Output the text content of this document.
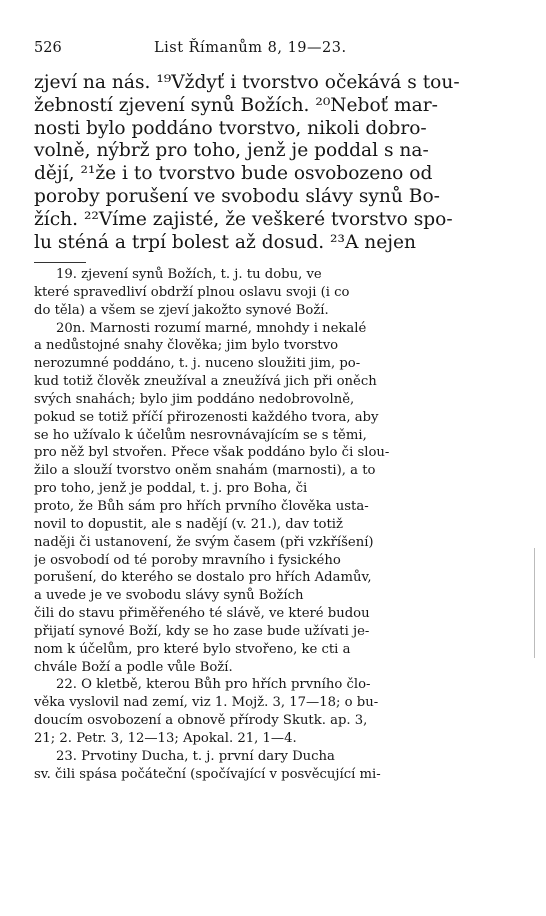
526	List Římanům 8, 19—23.
zjeví na nás. ¹⁹Vždyť i tvorstvo očekává s tou-
žebností zjevení synů Božích. ²⁰Neboť mar-
nosti bylo poddáno tvorstvo, nikoli dobro-
volně, nýbrž pro toho, jenž je poddal s na-
dějí, ²¹že i to tvorstvo bude osvobozeno od
poroby porušení ve svobodu slávy synů Bo-
žích. ²²Víme zajisté, že veškeré tvorstvo spo-
lu sténá a trpí bolest až dosud. ²³A nejen
19. zjevení synů Božích, t. j. tu dobu, ve
které spravedliví obdrží plnou oslavu svoji (i co
do těla) a všem se zjeví jakožto synové Boží.
20n. Marnosti rozumí marné, mnohdy i nekalé
a nedůstojné snahy člověka; jim bylo tvorstvo
nerozumné poddáno, t. j. nuceno sloužiti jim, po-
kud totiž člověk zneužíval a zneužívá jich při oněch
svých snahách; bylo jim poddáno nedobrovolně,
pokud se totiž příčí přirozenosti každého tvora, aby
se ho užívalo k účelům nesrovnávajícím se s těmi,
pro něž byl stvořen. Přece však poddáno bylo či slou-
žilo a slouží tvorstvo oněm snahám (marnosti), a to
pro toho, jenž je poddal, t. j. pro Boha, či
proto, že Bůh sám pro hřích prvního člověka usta-
novil to dopustit, ale s nadějí (v. 21.), dav totiž
naději či ustanovení, že svým časem (při vzkříšení)
je osvobodí od té poroby mravního i fysického
porušení, do kterého se dostalo pro hřích Adamův,
a uvede je ve svobodu slávy synů Božích
čili do stavu přiměřeného té slávě, ve které budou
přijatí synové Boží, kdy se ho zase bude užívati je-
nom k účelům, pro které bylo stvořeno, ke cti a
chvále Boží a podle vůle Boží.
22. O kletbě, kterou Bůh pro hřích prvního člo-
věka vyslovil nad zemí, viz 1. Mojž. 3, 17—18; o bu-
doucím osvobození a obnově přírody Skutk. ap. 3,
21; 2. Petr. 3, 12—13; Apokal. 21, 1—4.
23. Prvotiny Ducha, t. j. první dary Ducha
sv. čili spása počáteční (spočívající v posvěcující mi-
